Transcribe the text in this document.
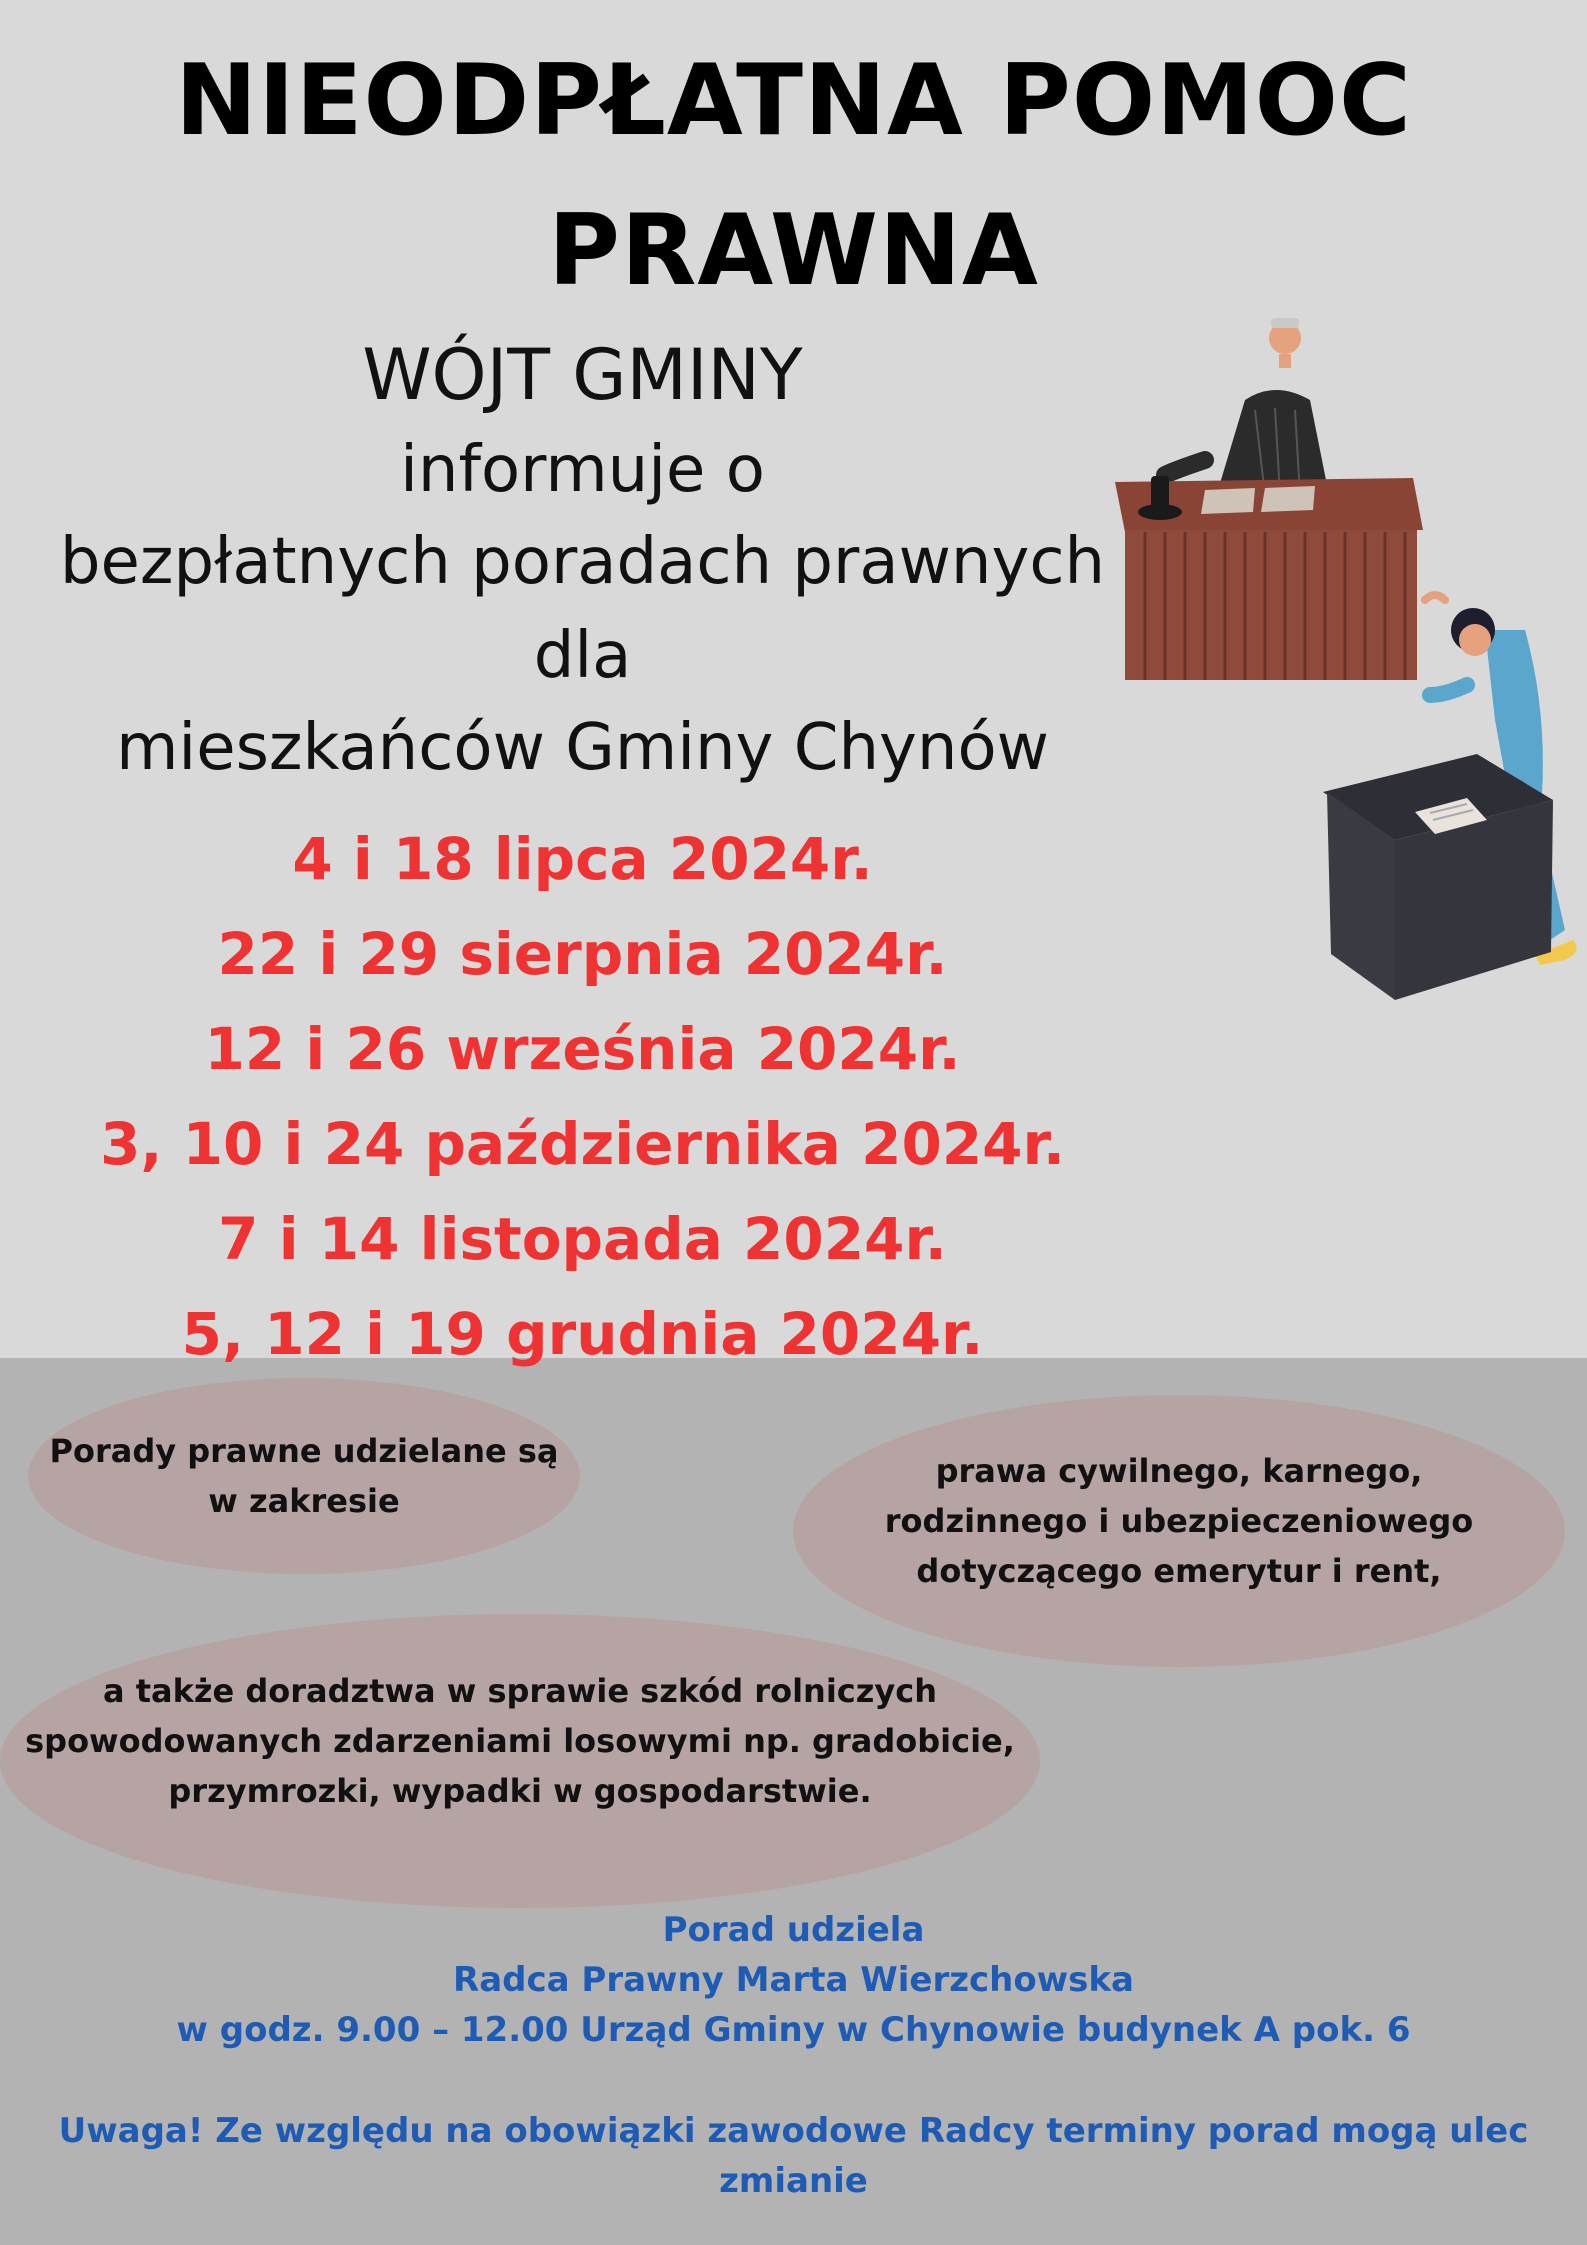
NIEODPŁATNA POMOC
PRAWNA
WÓJT GMINY
informuje o
bezpłatnych poradach prawnych
dla
mieszkańców Gminy Chynów
4 i 18 lipca 2024r.
22 i 29 sierpnia 2024r.
12 i 26 września 2024r.
3, 10 i 24 października 2024r.
7 i 14 listopada 2024r.
5, 12 i 19 grudnia 2024r.
Porady prawne udzielane są
w zakresie
prawa cywilnego, karnego,
rodzinnego i ubezpieczeniowego
dotyczącego emerytur i rent,
a także doradztwa w sprawie szkód rolniczych
spowodowanych zdarzeniami losowymi np. gradobicie,
przymrozki, wypadki w gospodarstwie.
Porad udziela
Radca Prawny Marta Wierzchowska
w godz. 9.00 – 12.00 Urząd Gminy w Chynowie budynek A pok. 6
Uwaga! Ze względu na obowiązki zawodowe Radcy terminy porad mogą ulec zmianie
